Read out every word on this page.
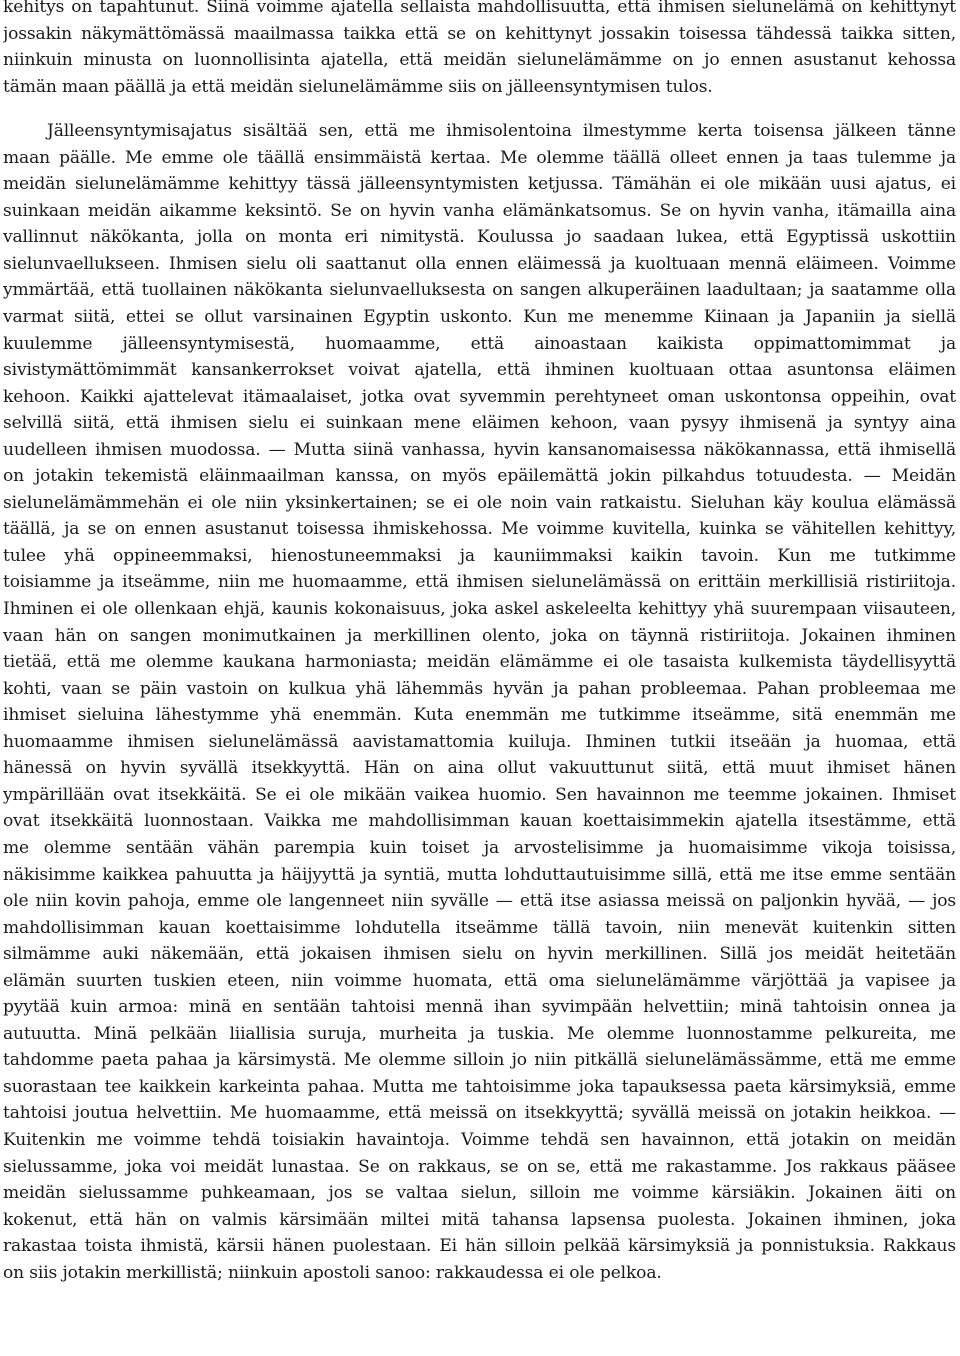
kehitys on tapahtunut. Siinä voimme ajatella sellaista mahdollisuutta, että ihmisen sielunelämä on kehittynyt
jossakin näkymättömässä maailmassa taikka että se on kehittynyt jossakin toisessa tähdessä taikka sitten,
niinkuin minusta on luonnollisinta ajatella, että meidän sielunelämämme on jo ennen asustanut kehossa
tämän maan päällä ja että meidän sielunelämämme siis on jälleensyntymisen tulos.
Jälleensyntymisajatus sisältää sen, että me ihmisolentoina ilmestymme kerta toisensa jälkeen tänne
maan päälle. Me emme ole täällä ensimmäistä kertaa. Me olemme täällä olleet ennen ja taas tulemme ja
meidän sielunelämämme kehittyy tässä jälleensyntymisten ketjussa. Tämähän ei ole mikään uusi ajatus, ei
suinkaan meidän aikamme keksintö. Se on hyvin vanha elämänkatsomus. Se on hyvin vanha, itämailla aina
vallinnut näkökanta, jolla on monta eri nimitystä. Koulussa jo saadaan lukea, että Egyptissä uskottiin
sielunvaellukseen. Ihmisen sielu oli saattanut olla ennen eläimessä ja kuoltuaan mennä eläimeen. Voimme
ymmärtää, että tuollainen näkökanta sielunvaelluksesta on sangen alkuperäinen laadultaan; ja saatamme olla
varmat siitä, ettei se ollut varsinainen Egyptin uskonto. Kun me menemme Kiinaan ja Japaniin ja siellä
kuulemme jälleensyntymisestä, huomaamme, että ainoastaan kaikista oppimattomimmat ja
sivistymättömimmät kansankerrokset voivat ajatella, että ihminen kuoltuaan ottaa asuntonsa eläimen
kehoon. Kaikki ajattelevat itämaalaiset, jotka ovat syvemmin perehtyneet oman uskontonsa oppeihin, ovat
selvillä siitä, että ihmisen sielu ei suinkaan mene eläimen kehoon, vaan pysyy ihmisenä ja syntyy aina
uudelleen ihmisen muodossa. — Mutta siinä vanhassa, hyvin kansanomaisessa näkökannassa, että ihmisellä
on jotakin tekemistä eläinmaailman kanssa, on myös epäilemättä jokin pilkahdus totuudesta. — Meidän
sielunelämämmehän ei ole niin yksinkertainen; se ei ole noin vain ratkaistu. Sieluhan käy koulua elämässä
täällä, ja se on ennen asustanut toisessa ihmiskehossa. Me voimme kuvitella, kuinka se vähitellen kehittyy,
tulee yhä oppineemmaksi, hienostuneemmaksi ja kauniimmaksi kaikin tavoin. Kun me tutkimme
toisiamme ja itseämme, niin me huomaamme, että ihmisen sielunelämässä on erittäin merkillisiä ristiriitoja.
Ihminen ei ole ollenkaan ehjä, kaunis kokonaisuus, joka askel askeleelta kehittyy yhä suurempaan viisauteen,
vaan hän on sangen monimutkainen ja merkillinen olento, joka on täynnä ristiriitoja. Jokainen ihminen
tietää, että me olemme kaukana harmoniasta; meidän elämämme ei ole tasaista kulkemista täydellisyyttä
kohti, vaan se päin vastoin on kulkua yhä lähemmäs hyvän ja pahan probleemaa. Pahan probleemaa me
ihmiset sieluina lähestymme yhä enemmän. Kuta enemmän me tutkimme itseämme, sitä enemmän me
huomaamme ihmisen sielunelämässä aavistamattomia kuiluja. Ihminen tutkii itseään ja huomaa, että
hänessä on hyvin syvällä itsekkyyttä. Hän on aina ollut vakuuttunut siitä, että muut ihmiset hänen
ympärillään ovat itsekkäitä. Se ei ole mikään vaikea huomio. Sen havainnon me teemme jokainen. Ihmiset
ovat itsekkäitä luonnostaan. Vaikka me mahdollisimman kauan koettaisimmekin ajatella itsestämme, että
me olemme sentään vähän parempia kuin toiset ja arvostelisimme ja huomaisimme vikoja toisissa,
näkisimme kaikkea pahuutta ja häijyyttä ja syntiä, mutta lohduttautuisimme sillä, että me itse emme sentään
ole niin kovin pahoja, emme ole langenneet niin syvälle — että itse asiassa meissä on paljonkin hyvää, — jos
mahdollisimman kauan koettaisimme lohdutella itseämme tällä tavoin, niin menevät kuitenkin sitten
silmämme auki näkemään, että jokaisen ihmisen sielu on hyvin merkillinen. Sillä jos meidät heitetään
elämän suurten tuskien eteen, niin voimme huomata, että oma sielunelämämme värjöttää ja vapisee ja
pyytää kuin armoa: minä en sentään tahtoisi mennä ihan syvimpään helvettiin; minä tahtoisin onnea ja
autuutta. Minä pelkään liiallisia suruja, murheita ja tuskia. Me olemme luonnostamme pelkureita, me
tahdomme paeta pahaa ja kärsimystä. Me olemme silloin jo niin pitkällä sielunelämässämme, että me emme
suorastaan tee kaikkein karkeinta pahaa. Mutta me tahtoisimme joka tapauksessa paeta kärsimyksiä, emme
tahtoisi joutua helvettiin. Me huomaamme, että meissä on itsekkyyttä; syvällä meissä on jotakin heikkoa. —
Kuitenkin me voimme tehdä toisiakin havaintoja. Voimme tehdä sen havainnon, että jotakin on meidän
sielussamme, joka voi meidät lunastaa. Se on rakkaus, se on se, että me rakastamme. Jos rakkaus pääsee
meidän sielussamme puhkeamaan, jos se valtaa sielun, silloin me voimme kärsiäkin. Jokainen äiti on
kokenut, että hän on valmis kärsimään miltei mitä tahansa lapsensa puolesta. Jokainen ihminen, joka
rakastaa toista ihmistä, kärsii hänen puolestaan. Ei hän silloin pelkää kärsimyksiä ja ponnistuksia. Rakkaus
on siis jotakin merkillistä; niinkuin apostoli sanoo: rakkaudessa ei ole pelkoa.
